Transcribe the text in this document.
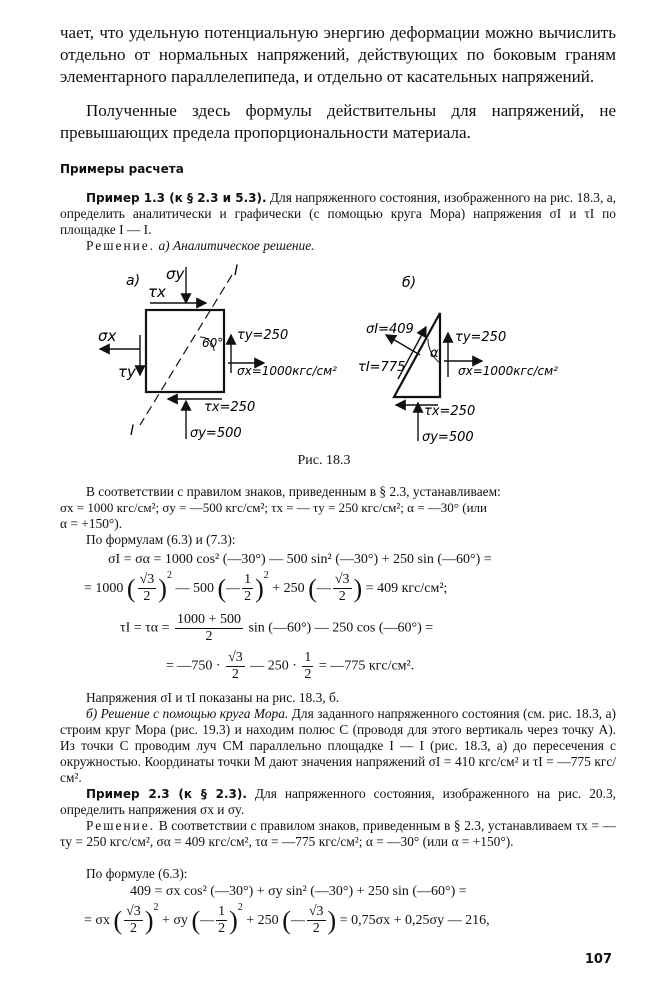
чает, что удельную потенциальную энергию деформации можно вычислить отдельно от нормальных напряжений, действующих по боковым граням элементарного параллелепипеда, и отдельно от касательных напряжений.

Полученные здесь формулы действительны для напряжений, не превышающих предела пропорциональности материала.

Примеры расчета

Пример 1.3 (к § 2.3 и 5.3). Для напряженного состояния, изображенного на рис. 18.3, а, определить аналитически и графически (с помощью круга Мора) напряжения σI и τI по площадке I — I.

Решение. а) Аналитическое решение.

а)
I
I
σy
τx
σx
τy
60° τy=250
σx=1000кгс/см²
τx=250
σy=500
б)
α
σI=409
τI=775
τy=250
σx=1000кгс/см²
τx=250
σy=500
Рис. 18.3

В соответствии с правилом знаков, приведенным в § 2.3, устанавливаем:

σx = 1000 кгс/см²; σy = —500 кгс/см²; τx = — τy = 250 кгс/см²; α = —30° (или

α = +150°).

По формулам (6.3) и (7.3):

σI = σα = 1000 cos² (—30°) — 500 sin² (—30°) + 250 sin (—60°) =
= 1000 ( $\frac{√3}{2} )^2$ — 500 (— $\frac{1}{2} )^2 + 250$ (— $\frac{√3}{2}$ ) = 409 кгс/см²;
$\tau I = \tau\alpha = \frac{1000 + 500}{2}$ sin (—60°) — 250 cos (—60°) =
= —750 · $\frac{√3}{2}$ — $250 \cdot \frac{1}{2}$ = —775 кгс/см².

Напряжения σI и τI показаны на рис. 18.3, б.

б) Решение с помощью круга Мора. Для заданного напряженного состояния (см. рис. 18.3, а) строим круг Мора (рис. 19.3) и находим полюс C (проводя для этого вертикаль через точку A). Из точки C проводим луч CM параллельно площадке I — I (рис. 18.3, а) до пересечения с окружностью. Координаты точки M дают значения напряжений σI = 410 кгс/см² и τI = —775 кгс/см².

Пример 2.3 (к § 2.3). Для напряженного состояния, изображенного на рис. 20.3, определить напряжения σx и σy.

Решение. В соответствии с правилом знаков, приведенным в § 2.3, устанавливаем τx = — τy = 250 кгс/см², σα = 409 кгс/см², τα = —775 кгс/см²; α = —30° (или α = +150°).

По формуле (6.3):

409 = σx cos² (—30°) + σy sin² (—30°) + 250 sin (—60°) =
= σx ( $\frac{√3}{2} )^2 + \sigma y$ (— $\frac{1}{2} )^2 + 250$ (— $\frac{√3}{2}$ ) = 0,75σx + 0,25σy — 216,
107
